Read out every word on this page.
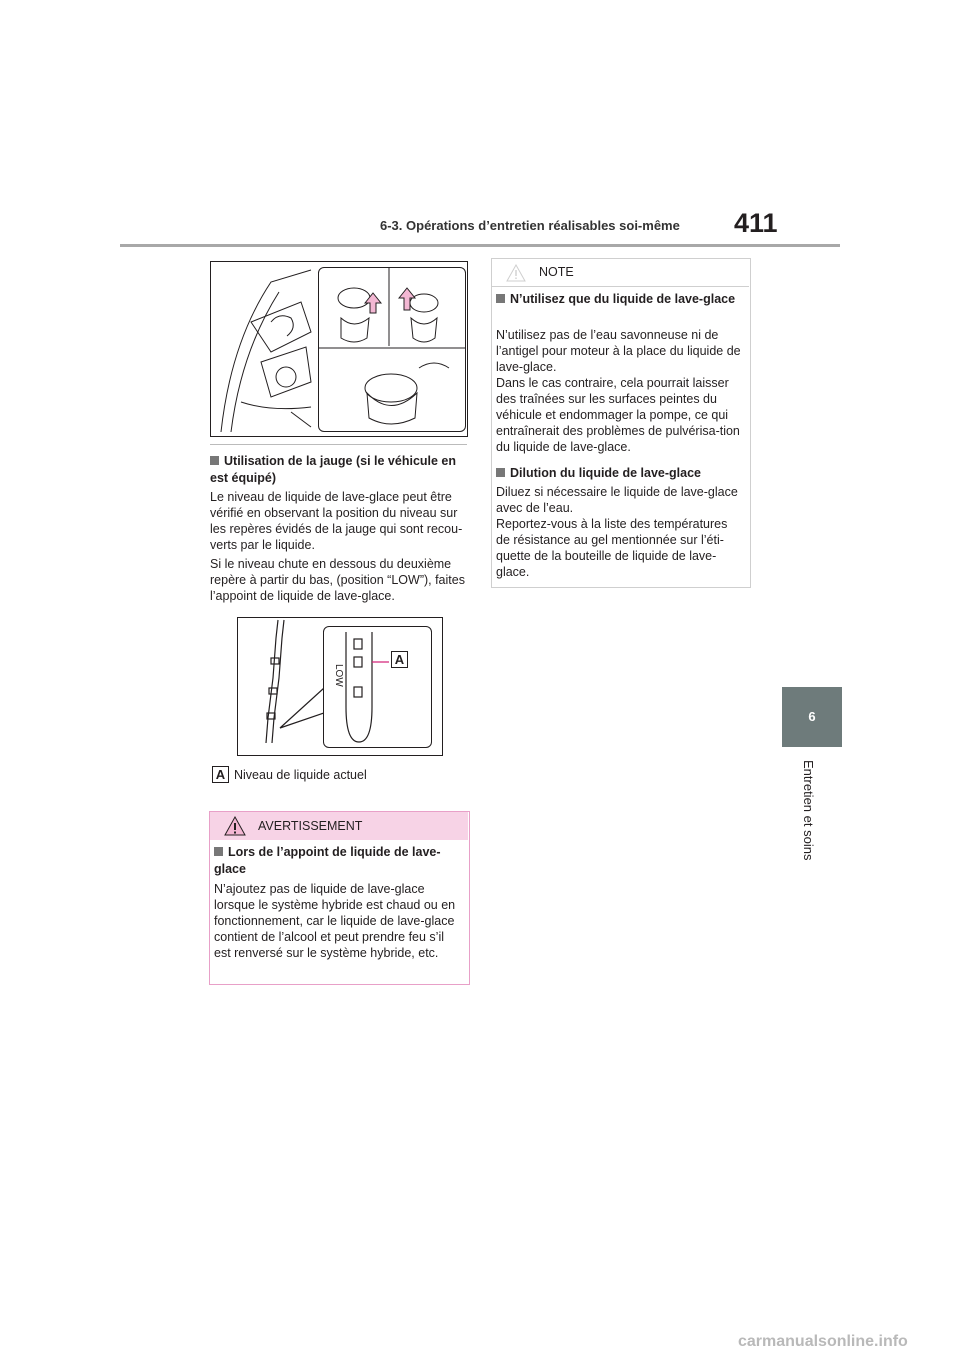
6-3. Opérations d’entretien réalisables soi-même 411
6
Entretien et soins
Utilisation de la jauge (si le véhicule en est équipé)
Le niveau de liquide de lave-glace peut être vérifié en observant la position du niveau sur les repères évidés de la jauge qui sont recou-verts par le liquide.
Si le niveau chute en dessous du deuxième repère à partir du bas, (position “LOW”), faites l’appoint de liquide de lave-glace.
LOW
A
A Niveau de liquide actuel
AVERTISSEMENT
Lors de l’appoint de liquide de lave-glace
N’ajoutez pas de liquide de lave-glace lorsque le système hybride est chaud ou en fonctionnement, car le liquide de lave-glace contient de l’alcool et peut prendre feu s’il est renversé sur le système hybride, etc.
NOTE
N’utilisez que du liquide de lave-glace
N’utilisez pas de l’eau savonneuse ni de l’antigel pour moteur à la place du liquide de lave-glace.
Dans le cas contraire, cela pourrait laisser des traînées sur les surfaces peintes du véhicule et endommager la pompe, ce qui entraînerait des problèmes de pulvérisa-tion du liquide de lave-glace.
Dilution du liquide de lave-glace
Diluez si nécessaire le liquide de lave-glace avec de l’eau.
Reportez-vous à la liste des températures de résistance au gel mentionnée sur l’éti-quette de la bouteille de liquide de lave-glace.
carmanualsonline.info
